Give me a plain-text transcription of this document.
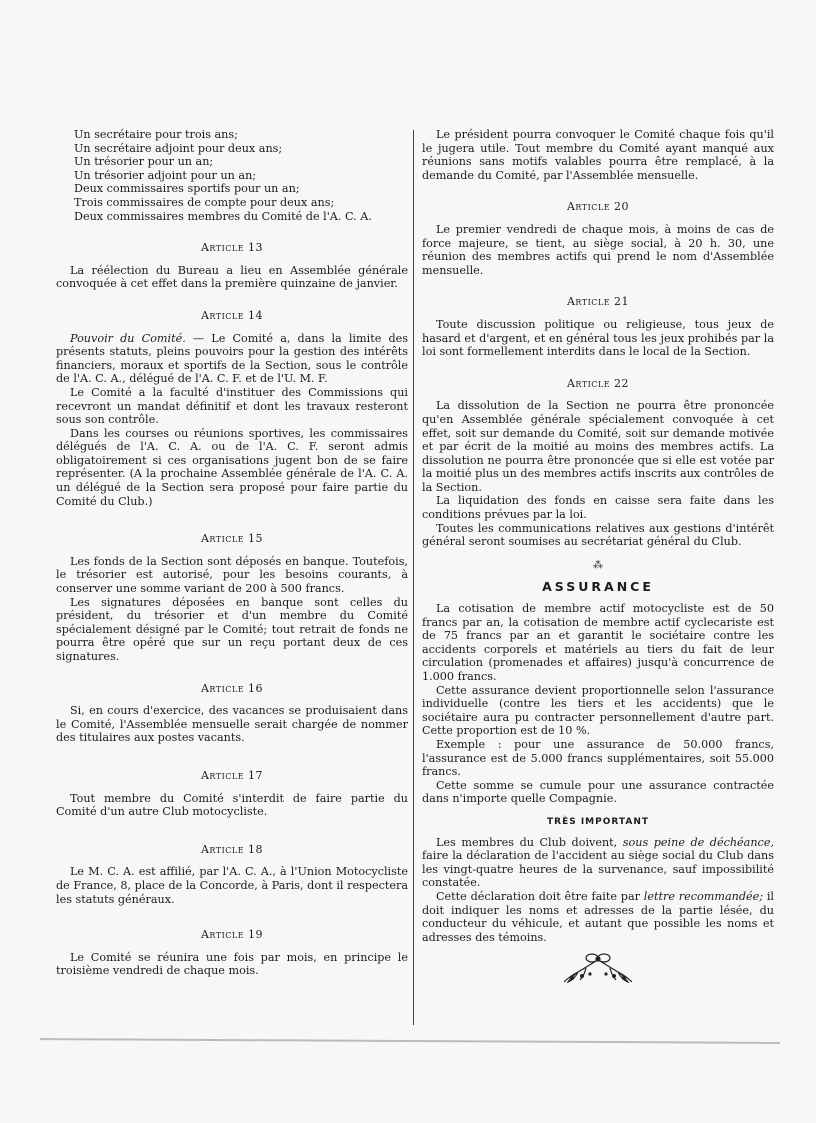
Un secrétaire pour trois ans;

Un secrétaire adjoint pour deux ans;

Un trésorier pour un an;

Un trésorier adjoint pour un an;

Deux commissaires sportifs pour un an;

Trois commissaires de compte pour deux ans;

Deux commissaires membres du Comité de l'A. C. A.

Article 13

La réélection du Bureau a lieu en Assemblée générale convoquée à cet effet dans la première quinzaine de janvier.

Article 14

Pouvoir du Comité. — Le Comité a, dans la limite des présents statuts, pleins pouvoirs pour la gestion des intérêts financiers, moraux et sportifs de la Section, sous le contrôle de l'A. C. A., délégué de l'A. C. F. et de l'U. M. F.

Le Comité a la faculté d'instituer des Commissions qui recevront un mandat définitif et dont les travaux resteront sous son contrôle.

Dans les courses ou réunions sportives, les commissaires délégués de l'A. C. A. ou de l'A. C. F. seront admis obligatoirement si ces organisations jugent bon de se faire représenter. (A la prochaine Assemblée générale de l'A. C. A. un délégué de la Section sera proposé pour faire partie du Comité du Club.)

Article 15

Les fonds de la Section sont déposés en banque. Toutefois, le trésorier est autorisé, pour les besoins courants, à conserver une somme variant de 200 à 500 francs.

Les signatures déposées en banque sont celles du président, du trésorier et d'un membre du Comité spécialement désigné par le Comité; tout retrait de fonds ne pourra être opéré que sur un reçu portant deux de ces signatures.

Article 16

Si, en cours d'exercice, des vacances se produisaient dans le Comité, l'Assemblée mensuelle serait chargée de nommer des titulaires aux postes vacants.

Article 17

Tout membre du Comité s'interdit de faire partie du Comité d'un autre Club motocycliste.

Article 18

Le M. C. A. est affilié, par l'A. C. A., à l'Union Motocycliste de France, 8, place de la Concorde, à Paris, dont il respectera les statuts généraux.

Article 19

Le Comité se réunira une fois par mois, en principe le troisième vendredi de chaque mois.

Le président pourra convoquer le Comité chaque fois qu'il le jugera utile. Tout membre du Comité ayant manqué aux réunions sans motifs valables pourra être remplacé, à la demande du Comité, par l'Assemblée mensuelle.

Article 20

Le premier vendredi de chaque mois, à moins de cas de force majeure, se tient, au siège social, à 20 h. 30, une réunion des membres actifs qui prend le nom d'Assemblée mensuelle.

Article 21

Toute discussion politique ou religieuse, tous jeux de hasard et d'argent, et en général tous les jeux prohibés par la loi sont formellement interdits dans le local de la Section.

Article 22

La dissolution de la Section ne pourra être prononcée qu'en Assemblée générale spécialement convoquée à cet effet, soit sur demande du Comité, soit sur demande motivée et par écrit de la moitié au moins des membres actifs. La dissolution ne pourra être prononcée que si elle est votée par la moitié plus un des membres actifs inscrits aux contrôles de la Section.

La liquidation des fonds en caisse sera faite dans les conditions prévues par la loi.

Toutes les communications relatives aux gestions d'intérêt général seront soumises au secrétariat général du Club.

⁂
ASSURANCE

La cotisation de membre actif motocycliste est de 50 francs par an, la cotisation de membre actif cyclecariste est de 75 francs par an et garantit le sociétaire contre les accidents corporels et matériels au tiers du fait de leur circulation (promenades et affaires) jusqu'à concurrence de 1.000 francs.

Cette assurance devient proportionnelle selon l'assurance individuelle (contre les tiers et les accidents) que le sociétaire aura pu contracter personnellement d'autre part. Cette proportion est de 10 %.

Exemple : pour une assurance de 50.000 francs, l'assurance est de 5.000 francs supplémentaires, soit 55.000 francs.

Cette somme se cumule pour une assurance contractée dans n'importe quelle Compagnie.

TRÈS IMPORTANT

Les membres du Club doivent, sous peine de déchéance, faire la déclaration de l'accident au siège social du Club dans les vingt-quatre heures de la survenance, sauf impossibilité constatée.

Cette déclaration doit être faite par lettre recommandée; il doit indiquer les noms et adresses de la partie lésée, du conducteur du véhicule, et autant que possible les noms et adresses des témoins.
